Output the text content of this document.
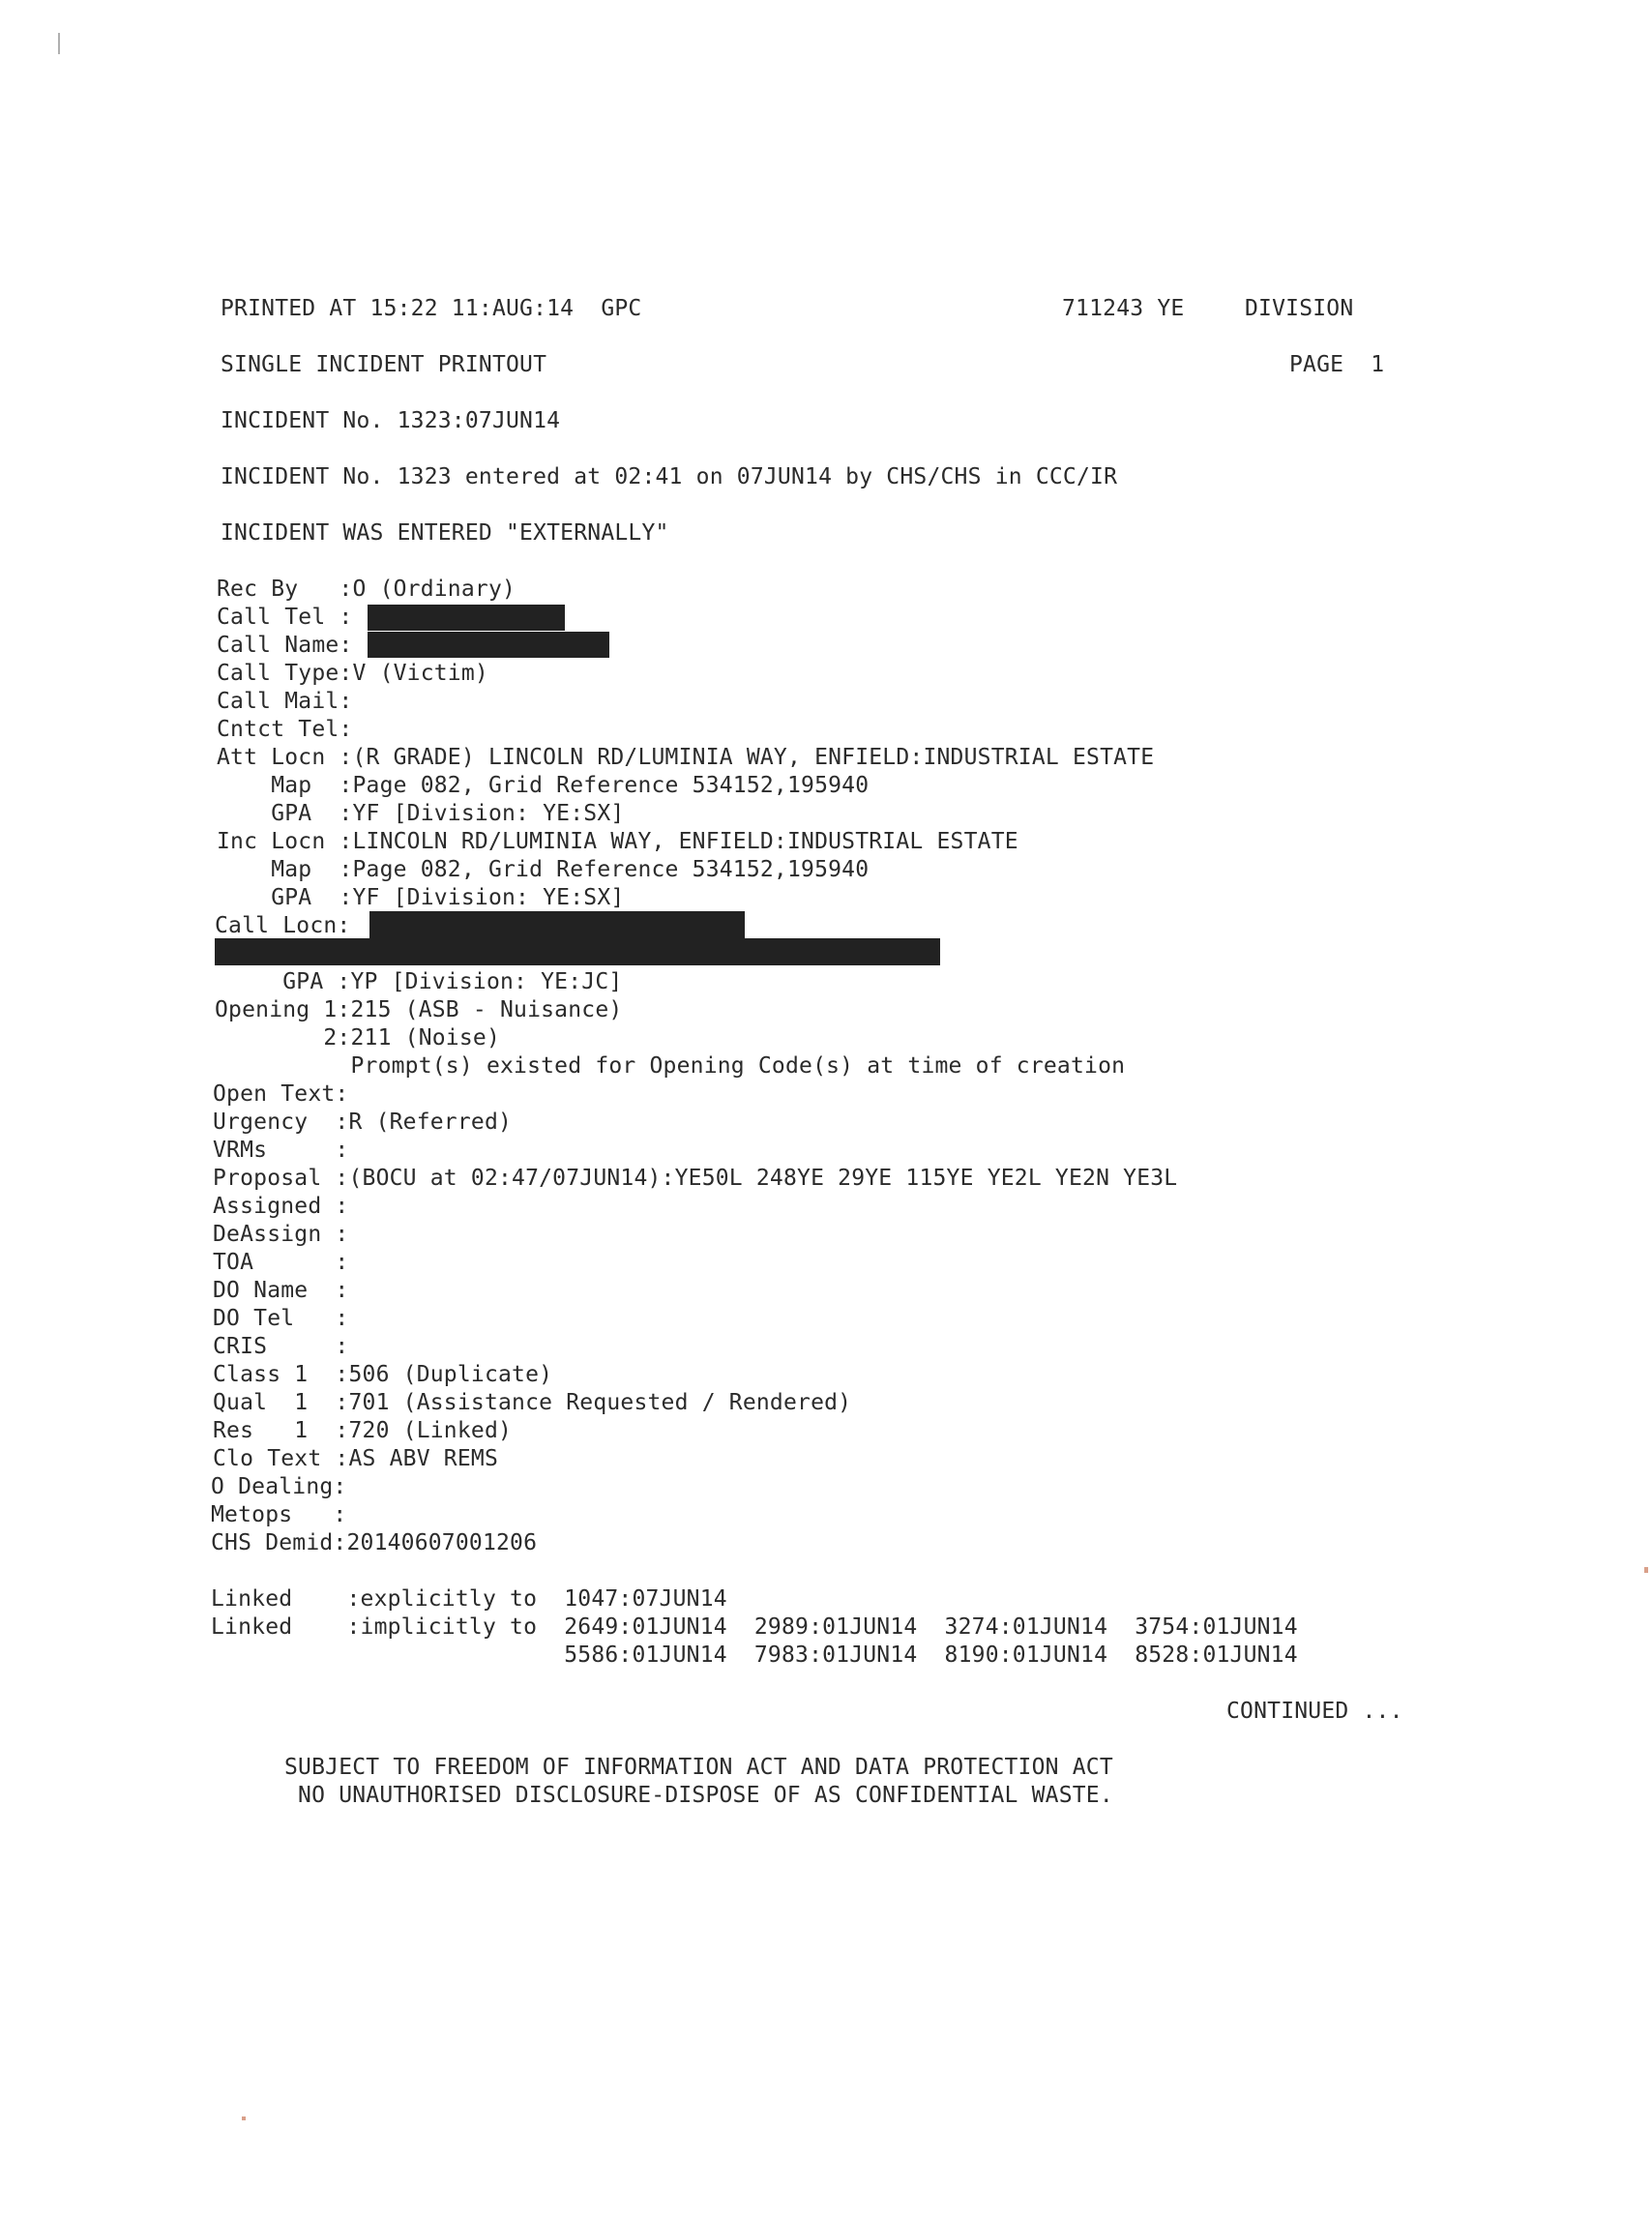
PRINTED AT 15:22 11:AUG:14  GPC	711243 YE	DIVISION
SINGLE INCIDENT PRINTOUT	PAGE  1
INCIDENT No. 1323:07JUN14
INCIDENT No. 1323 entered at 02:41 on 07JUN14 by CHS/CHS in CCC/IR
INCIDENT WAS ENTERED "EXTERNALLY"
Rec By   :O (Ordinary)
Call Tel :
Call Name:
Call Type:V (Victim)
Call Mail:
Cntct Tel:
Att Locn :(R GRADE) LINCOLN RD/LUMINIA WAY, ENFIELD:INDUSTRIAL ESTATE
Map  :Page 082, Grid Reference 534152,195940
GPA  :YF [Division: YE:SX]
Inc Locn :LINCOLN RD/LUMINIA WAY, ENFIELD:INDUSTRIAL ESTATE
Map  :Page 082, Grid Reference 534152,195940
GPA  :YF [Division: YE:SX]
Call Locn:
GPA :YP [Division: YE:JC]
Opening 1:215 (ASB - Nuisance)
2:211 (Noise)
Prompt(s) existed for Opening Code(s) at time of creation
Open Text:
Urgency  :R (Referred)
VRMs     :
Proposal :(BOCU at 02:47/07JUN14):YE50L 248YE 29YE 115YE YE2L YE2N YE3L
Assigned :
DeAssign :
TOA      :
DO Name  :
DO Tel   :
CRIS     :
Class 1  :506 (Duplicate)
Qual  1  :701 (Assistance Requested / Rendered)
Res   1  :720 (Linked)
Clo Text :AS ABV REMS
O Dealing:
Metops   :
CHS Demid:20140607001206
Linked    :explicitly to  1047:07JUN14
Linked    :implicitly to  2649:01JUN14  2989:01JUN14  3274:01JUN14  3754:01JUN14
5586:01JUN14  7983:01JUN14  8190:01JUN14  8528:01JUN14
CONTINUED ...
SUBJECT TO FREEDOM OF INFORMATION ACT AND DATA PROTECTION ACT
NO UNAUTHORISED DISCLOSURE-DISPOSE OF AS CONFIDENTIAL WASTE.
